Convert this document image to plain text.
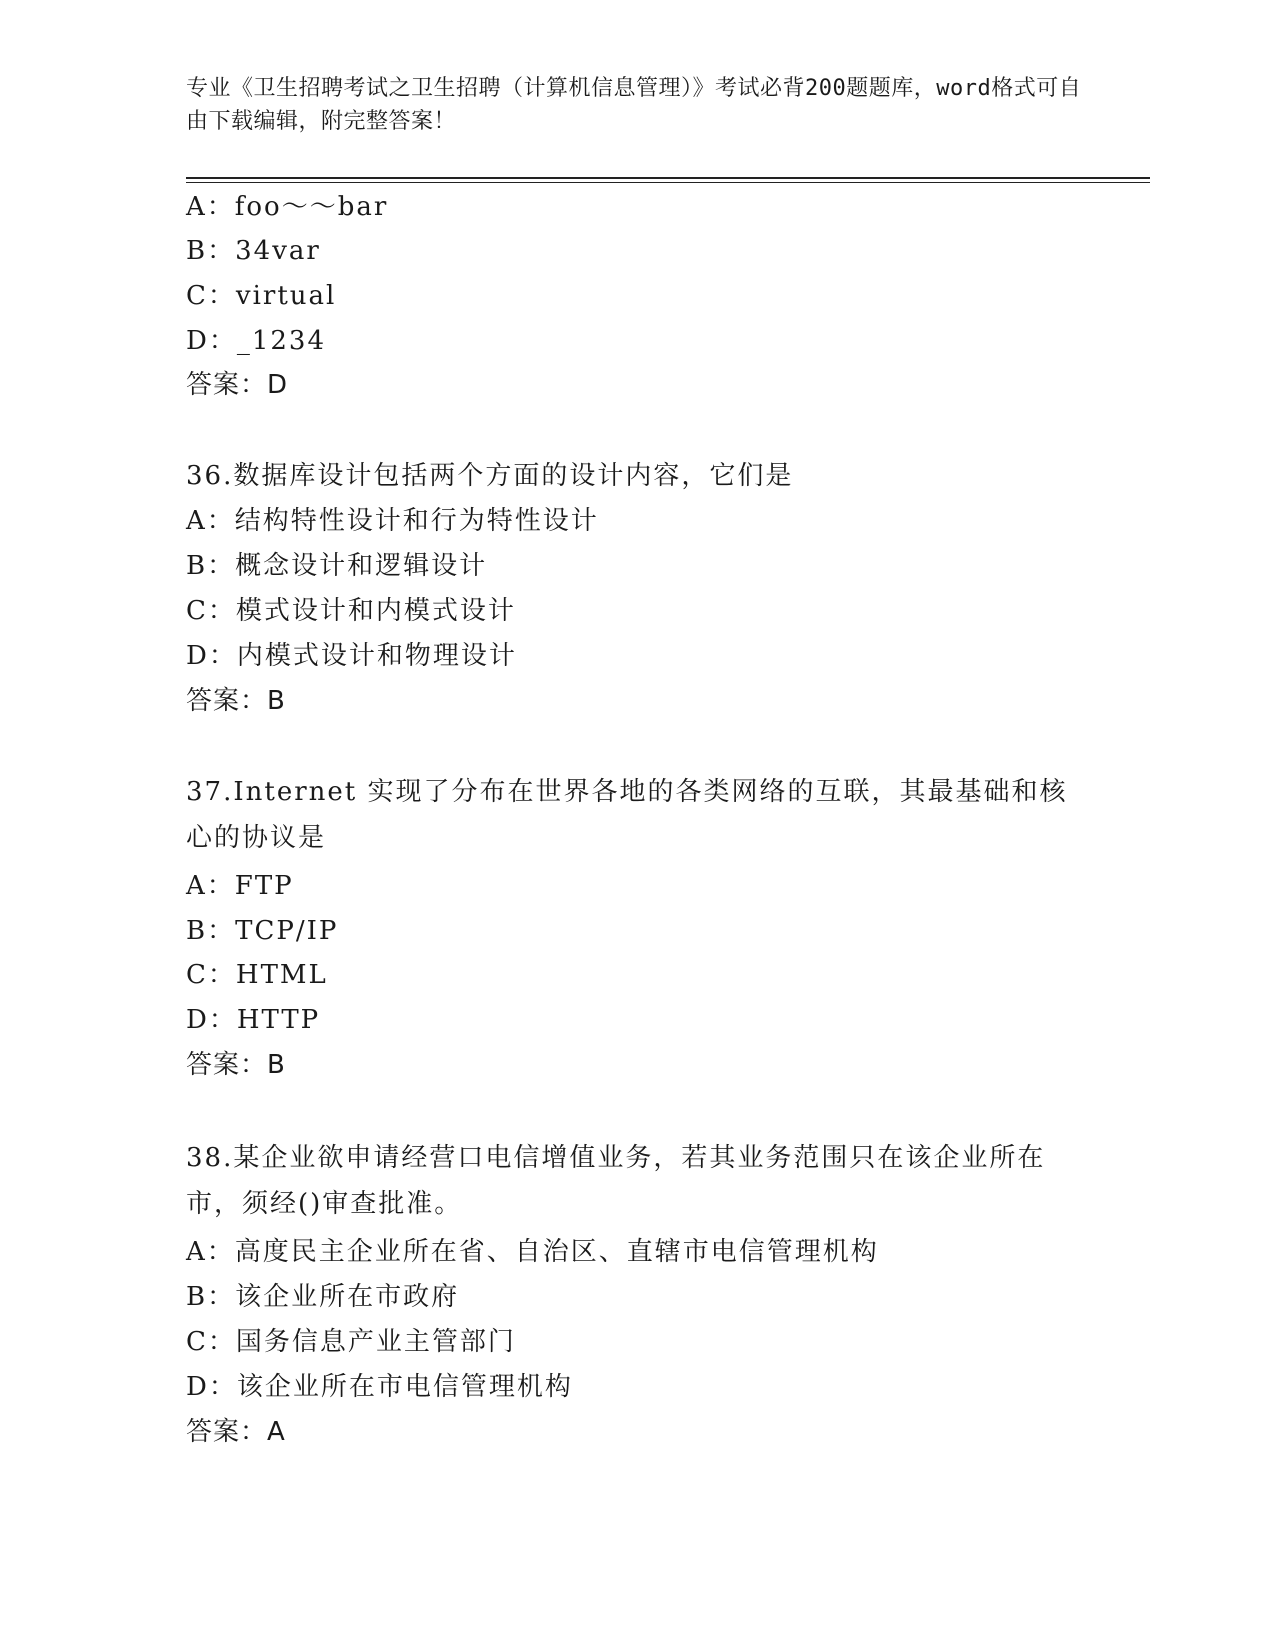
专业《卫生招聘考试之卫生招聘（计算机信息管理）》考试必背200题题库，word格式可自由下载编辑，附完整答案！
A：foo～～bar
B：34var
C：virtual
D：_1234
答案：D
36.数据库设计包括两个方面的设计内容，它们是
A：结构特性设计和行为特性设计
B：概念设计和逻辑设计
C：模式设计和内模式设计
D：内模式设计和物理设计
答案：B
37.Internet 实现了分布在世界各地的各类网络的互联，其最基础和核心的协议是
A：FTP
B：TCP/IP
C：HTML
D：HTTP
答案：B
38.某企业欲申请经营口电信增值业务，若其业务范围只在该企业所在市，须经()审查批准。
A：高度民主企业所在省、自治区、直辖市电信管理机构
B：该企业所在市政府
C：国务信息产业主管部门
D：该企业所在市电信管理机构
答案：A
